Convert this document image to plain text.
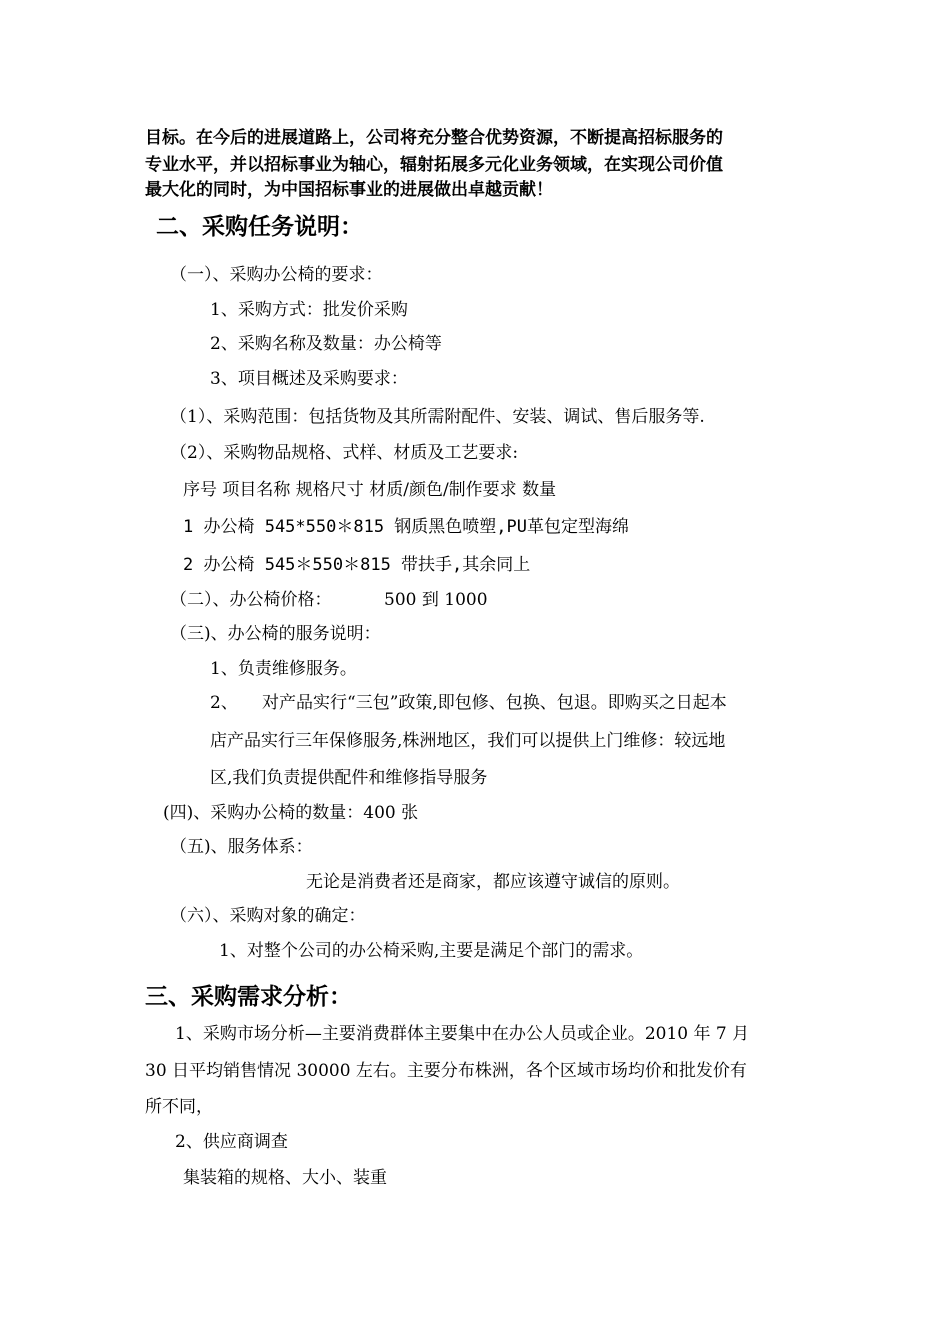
目标。在今后的进展道路上，公司将充分整合优势资源，不断提高招标服务的
专业水平，并以招标事业为轴心，辐射拓展多元化业务领域，在实现公司价值
最大化的同时，为中国招标事业的进展做出卓越贡献！
二、采购任务说明：
（一）、采购办公椅的要求：
1、采购方式：批发价采购
2、采购名称及数量：办公椅等
3、项目概述及采购要求：
（1）、采购范围：包括货物及其所需附配件、安装、调试、售后服务等.
（2）、采购物品规格、式样、材质及工艺要求:
序号 项目名称 规格尺寸 材质/颜色/制作要求 数量
1 办公椅 545*550＊815 钢质黑色喷塑,PU革包定型海绵
2 办公椅 545＊550＊815 带扶手,其余同上
（二）、办公椅价格：	500 到 1000
（三)、办公椅的服务说明：
1、负责维修服务。
2、 对产品实行“三包”政策,即包修、包换、包退。即购买之日起本
店产品实行三年保修服务,株洲地区，我们可以提供上门维修：较远地
区,我们负责提供配件和维修指导服务
(四)、采购办公椅的数量：400 张
（五)、服务体系：
无论是消费者还是商家，都应该遵守诚信的原则。
（六）、采购对象的确定：
1、对整个公司的办公椅采购,主要是满足个部门的需求。
三、采购需求分析：
1、采购市场分析—主要消费群体主要集中在办公人员或企业。2010 年 7 月
30 日平均销售情况 30000 左右。主要分布株洲，各个区域市场均价和批发价有
所不同，
2、供应商调查
集装箱的规格、大小、装重
